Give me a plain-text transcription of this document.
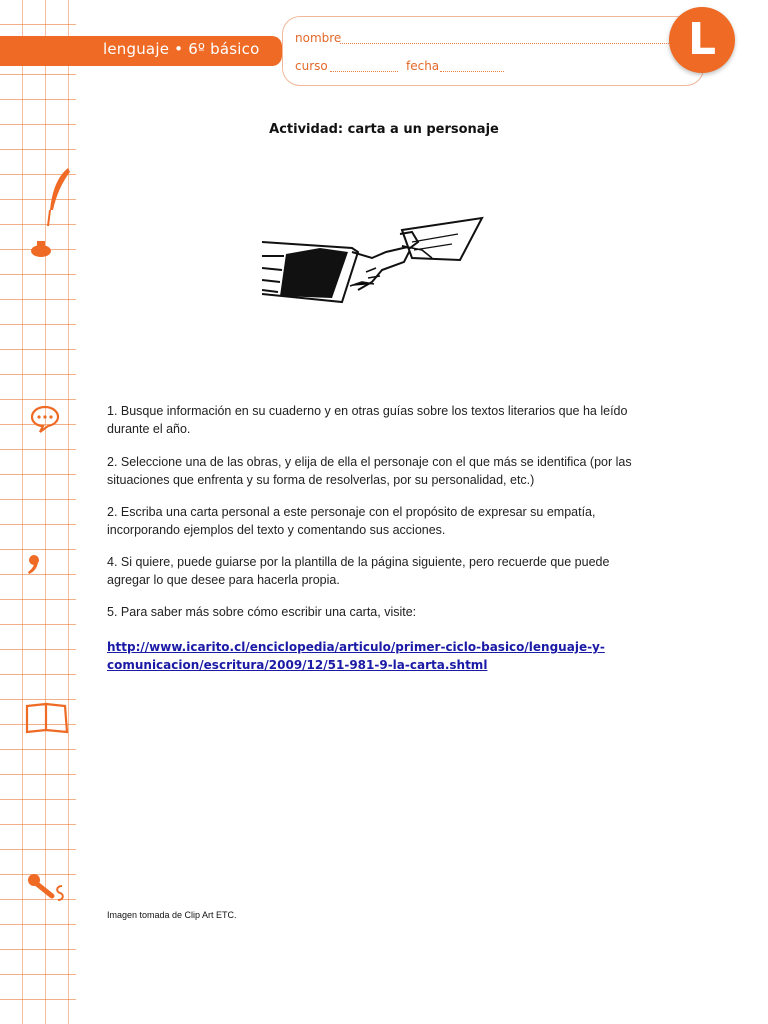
lenguaje • 6º básico
nombre
curso	fecha
L
Actividad: carta a un personaje
1. Busque información en su cuaderno y en otras guías sobre los textos literarios que ha leído durante el año.
2. Seleccione una de las obras, y elija de ella el personaje con el que más se identifica (por las situaciones que enfrenta y su forma de resolverlas, por su personalidad, etc.)
2. Escriba una carta personal a este personaje con el propósito de expresar su empatía, incorporando ejemplos del texto y comentando sus acciones.
4. Si quiere, puede guiarse por la plantilla de la página siguiente, pero recuerde que puede agregar lo que desee para hacerla propia.
5. Para saber más sobre cómo escribir una carta, visite:
http://www.icarito.cl/enciclopedia/articulo/primer-ciclo-basico/lenguaje-y-comunicacion/escritura/2009/12/51-981-9-la-carta.shtml
Imagen tomada de Clip Art ETC.
